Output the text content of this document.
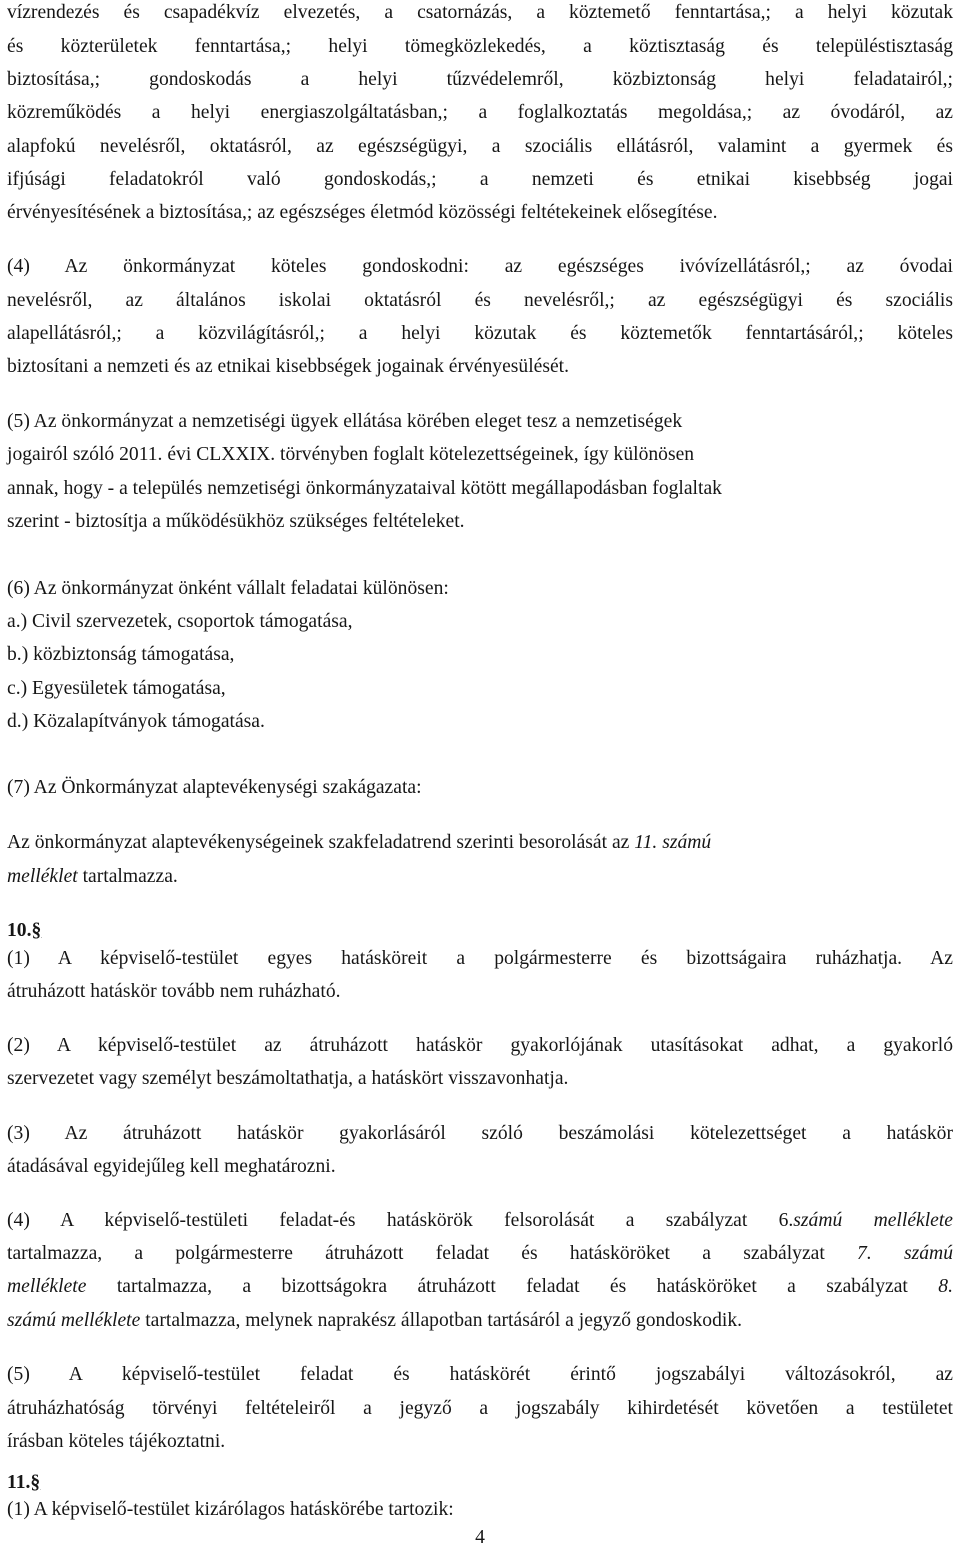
vízrendezés és csapadékvíz elvezetés, a csatornázás, a köztemető fenntartása,; a helyi közutak
és közterületek fenntartása,; helyi tömegközlekedés, a köztisztaság és településtisztaság
biztosítása,; gondoskodás a helyi tűzvédelemről, közbiztonság helyi feladatairól,;
közreműködés a helyi energiaszolgáltatásban,; a foglalkoztatás megoldása,; az óvodáról, az
alapfokú nevelésről, oktatásról, az egészségügyi, a szociális ellátásról, valamint a gyermek és
ifjúsági feladatokról való gondoskodás,; a nemzeti és etnikai kisebbség jogai
érvényesítésének a biztosítása,; az egészséges életmód közösségi feltétekeinek elősegítése.
(4) Az önkormányzat köteles gondoskodni: az egészséges ivóvízellátásról,; az óvodai
nevelésről, az általános iskolai oktatásról és nevelésről,; az egészségügyi és szociális
alapellátásról,; a közvilágításról,; a helyi közutak és köztemetők fenntartásáról,; köteles
biztosítani a nemzeti és az etnikai kisebbségek jogainak érvényesülését.
(5) Az önkormányzat a nemzetiségi ügyek ellátása körében eleget tesz a nemzetiségek
jogairól szóló 2011. évi CLXXIX. törvényben foglalt kötelezettségeinek, így különösen
annak, hogy - a település nemzetiségi önkormányzataival kötött megállapodásban foglaltak
szerint - biztosítja a működésükhöz szükséges feltételeket.
(6) Az önkormányzat önként vállalt feladatai különösen:
a.) Civil szervezetek, csoportok támogatása,
b.) közbiztonság támogatása,
c.) Egyesületek támogatása,
d.) Közalapítványok támogatása.
(7) Az Önkormányzat alaptevékenységi szakágazata:
Az önkormányzat alaptevékenységeinek szakfeladatrend szerinti besorolását az 11. számú
melléklet tartalmazza.
10.§
(1) A képviselő-testület egyes hatásköreit a polgármesterre és bizottságaira ruházhatja. Az
átruházott hatáskör tovább nem ruházható.
(2) A képviselő-testület az átruházott hatáskör gyakorlójának utasításokat adhat, a gyakorló
szervezetet vagy személyt beszámoltathatja, a hatáskört visszavonhatja.
(3) Az átruházott hatáskör gyakorlásáról szóló beszámolási kötelezettséget a hatáskör
átadásával egyidejűleg kell meghatározni.
(4) A képviselő-testületi feladat-és hatáskörök felsorolását a szabályzat 6.számú melléklete
tartalmazza, a polgármesterre átruházott feladat és hatásköröket a szabályzat 7. számú
melléklete tartalmazza, a bizottságokra átruházott feladat és hatásköröket a szabályzat 8.
számú melléklete tartalmazza, melynek naprakész állapotban tartásáról a jegyző gondoskodik.
(5) A képviselő-testület feladat és hatáskörét érintő jogszabályi változásokról, az
átruházhatóság törvényi feltételeiről a jegyző a jogszabály kihirdetését követően a testületet
írásban köteles tájékoztatni.
11.§
(1) A képviselő-testület kizárólagos hatáskörébe tartozik:
4
